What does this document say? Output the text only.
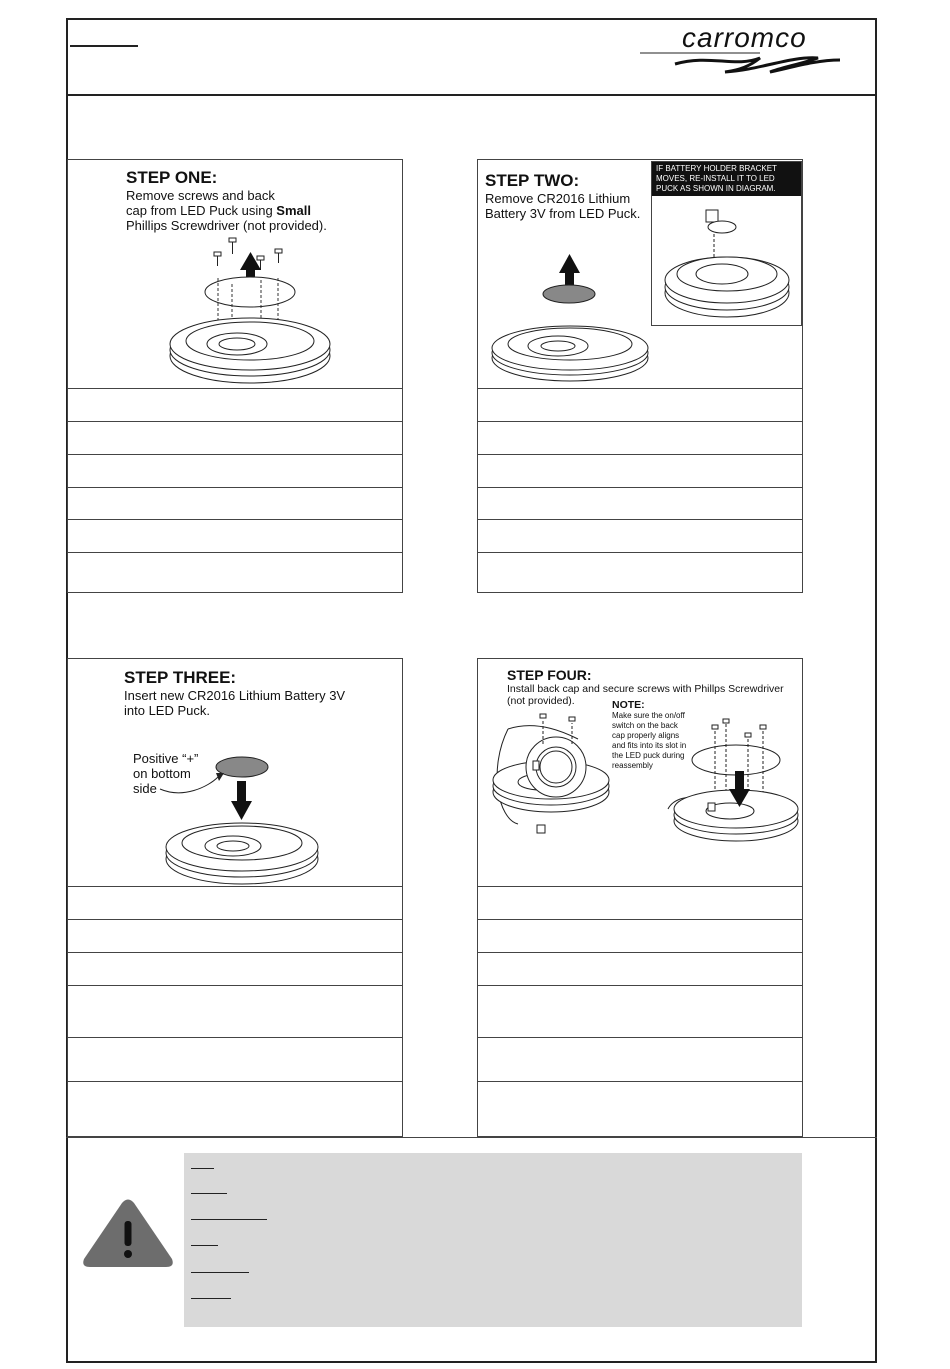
carromco
STEP ONE:
Remove screws and back
cap from LED Puck using Small
Phillips Screwdriver (not provided).
STEP TWO:
Remove CR2016 Lithium
Battery 3V from LED Puck.
IF BATTERY HOLDER BRACKET MOVES, RE-INSTALL IT TO LED PUCK AS SHOWN IN DIAGRAM.
STEP THREE:
Insert new CR2016 Lithium Battery 3V
into LED Puck.
Positive “+”
on bottom
side
STEP FOUR:
Install back cap and secure screws with Phillps Screwdriver
(not provided).	NOTE:
Make sure the on/off
switch on the back
cap properly aligns
and fits into its slot in
the LED puck during
reassembly
